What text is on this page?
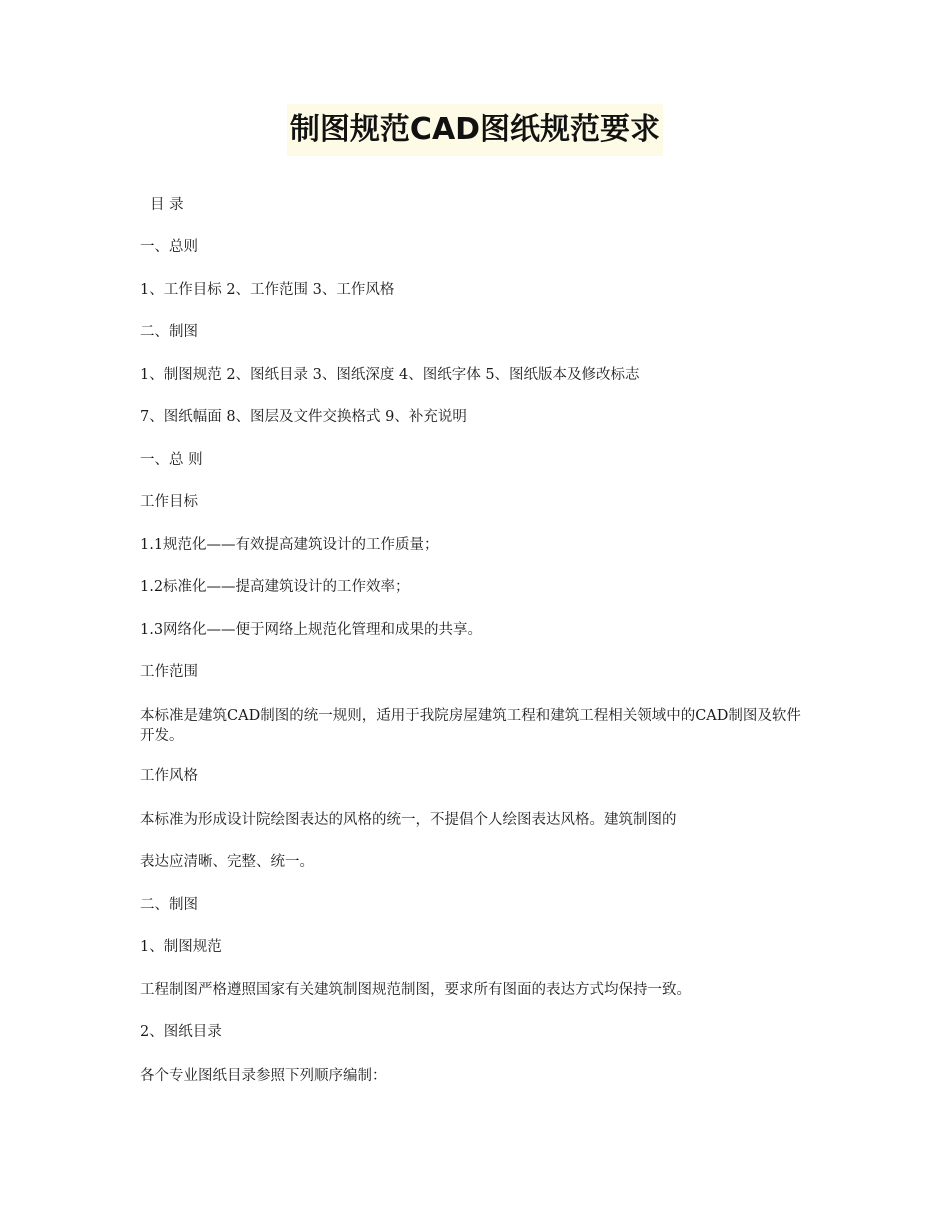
制图规范CAD图纸规范要求
目 录
一、总则
1、工作目标 2、工作范围 3、工作风格
二、制图
1、制图规范 2、图纸目录 3、图纸深度 4、图纸字体 5、图纸版本及修改标志
7、图纸幅面 8、图层及文件交换格式 9、补充说明
一、总 则
工作目标
1.1规范化——有效提高建筑设计的工作质量；
1.2标准化——提高建筑设计的工作效率；
1.3网络化——便于网络上规范化管理和成果的共享。
工作范围
本标准是建筑CAD制图的统一规则，适用于我院房屋建筑工程和建筑工程相关领域中的CAD制图及软件开发。
工作风格
本标准为形成设计院绘图表达的风格的统一，不提倡个人绘图表达风格。建筑制图的
表达应清晰、完整、统一。
二、制图
1、制图规范
工程制图严格遵照国家有关建筑制图规范制图，要求所有图面的表达方式均保持一致。
2、图纸目录
各个专业图纸目录参照下列顺序编制：
